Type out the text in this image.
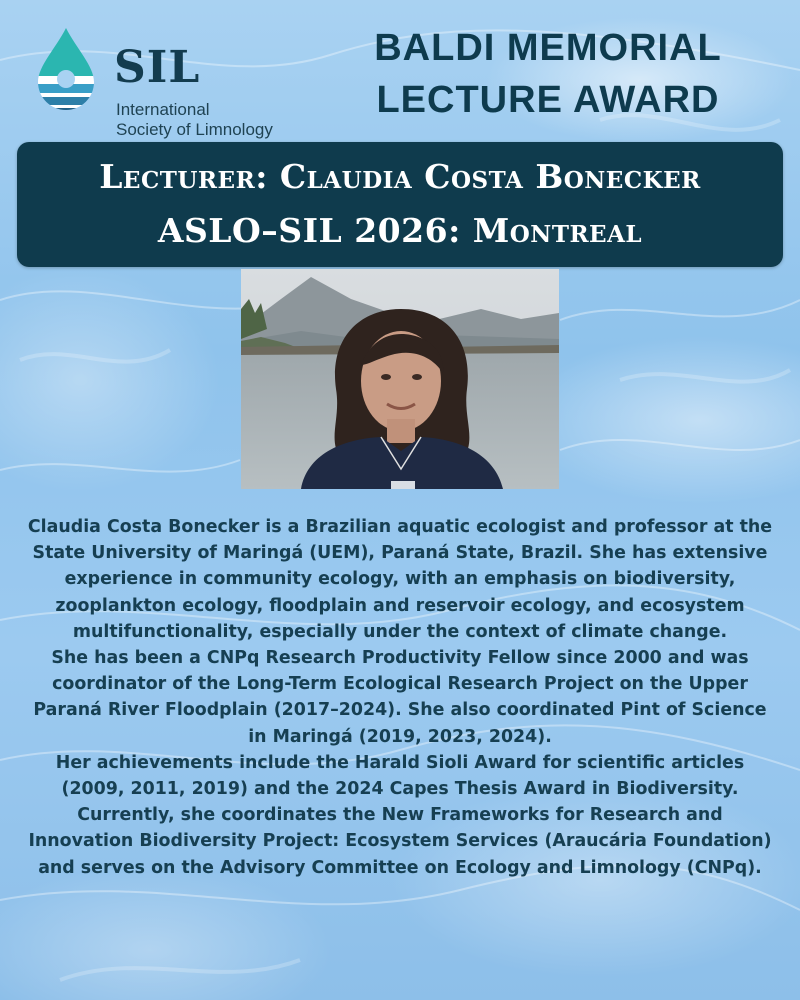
SIL
International
Society of Limnology
BALDI MEMORIAL
LECTURE AWARD
Lecturer: Claudia Costa Bonecker
ASLO–SIL 2026: Montreal

Claudia Costa Bonecker is a Brazilian aquatic ecologist and professor at the State University of Maringá (UEM), Paraná State, Brazil. She has extensive experience in community ecology, with an emphasis on biodiversity, zooplankton ecology, floodplain and reservoir ecology, and ecosystem multifunctionality, especially under the context of climate change.

She has been a CNPq Research Productivity Fellow since 2000 and was coordinator of the Long-Term Ecological Research Project on the Upper Paraná River Floodplain (2017–2024). She also coordinated Pint of Science in Maringá (2019, 2023, 2024).

Her achievements include the Harald Sioli Award for scientific articles (2009, 2011, 2019) and the 2024 Capes Thesis Award in Biodiversity. Currently, she coordinates the New Frameworks for Research and Innovation Biodiversity Project: Ecosystem Services (Araucária Foundation) and serves on the Advisory Committee on Ecology and Limnology (CNPq).
